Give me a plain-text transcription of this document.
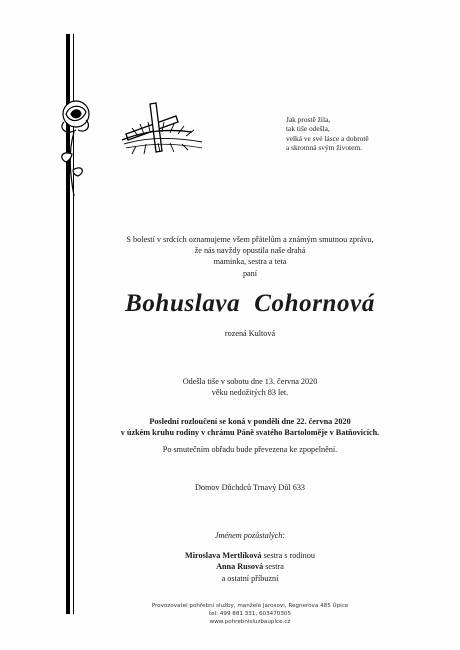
Jak prostě žila,
tak tiše odešla,
velká ve své lásce a dobrotě
a skromná svým životem.
S bolestí v srdcích oznamujeme všem přátelům a známým smutnou zprávu,
že nás navždy opustila naše drahá
maminka, sestra a teta
paní
Bohuslava Cohornová
rozená Kultová
Odešla tiše v sobotu dne 13. června 2020
věku nedožitých 83 let.
Poslední rozloučení se koná v pondělí dne 22. června 2020
v úzkém kruhu rodiny v chrámu Páně svatého Bartoloměje v Batňovicích.
Po smutečním obřadu bude převezena ke zpopelnění.
Domov Důchdců Trnavý Důl 633
Jménem pozůstalých:
Miroslava Mertlíková sestra s rodinou
Anna Rusová sestra
a ostatní příbuzní
Provozovatel pohřební služby, manželé Jarosovi, Regnerova 485 Úpice
tel: 499 881 331, 603470305
www.pohrebnisluzbaupice.cz
